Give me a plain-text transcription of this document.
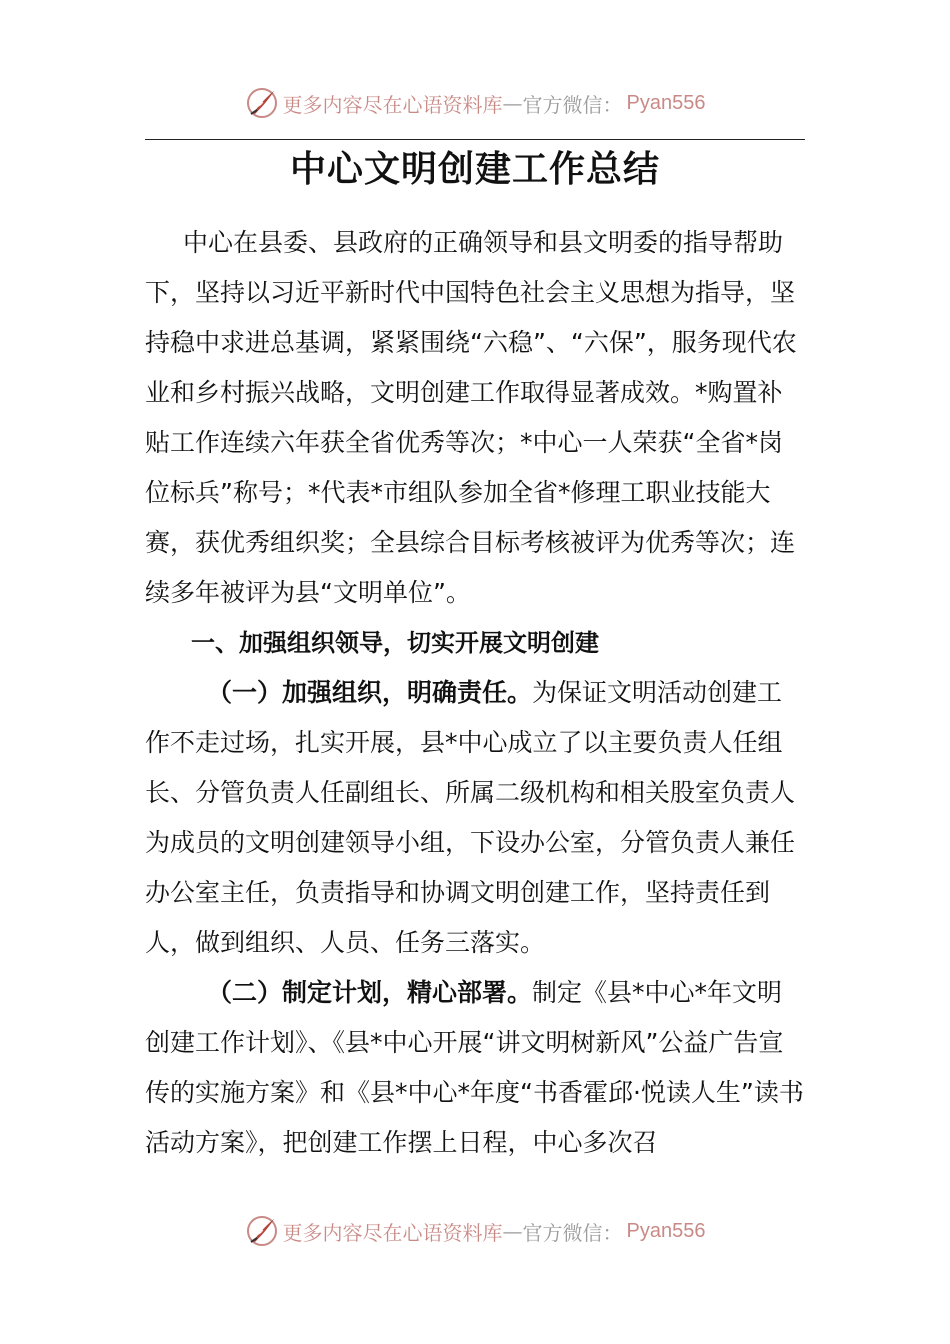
更多内容尽在心语资料库 — 官方微信： Pyan556
中心文明创建工作总结

中心在县委、县政府的正确领导和县文明委的指导帮助下，坚持以习近平新时代中国特色社会主义思想为指导，坚持稳中求进总基调，紧紧围绕“六稳”、“六保”，服务现代农业和乡村振兴战略，文明创建工作取得显著成效。*购置补贴工作连续六年获全省优秀等次；*中心一人荣获“全省*岗位标兵”称号；*代表*市组队参加全省*修理工职业技能大赛，获优秀组织奖；全县综合目标考核被评为优秀等次；连续多年被评为县“文明单位”。

一、加强组织领导，切实开展文明创建

（一）加强组织，明确责任。为保证文明活动创建工作不走过场，扎实开展，县*中心成立了以主要负责人任组长、分管负责人任副组长、所属二级机构和相关股室负责人为成员的文明创建领导小组，下设办公室，分管负责人兼任办公室主任，负责指导和协调文明创建工作，坚持责任到人，做到组织、人员、任务三落实。

（二）制定计划，精心部署。制定《县*中心*年文明创建工作计划》、《县*中心开展“讲文明树新风”公益广告宣传的实施方案》和《县*中心*年度“书香霍邱·悦读人生”读书活动方案》，把创建工作摆上日程，中心多次召

更多内容尽在心语资料库 — 官方微信： Pyan556
